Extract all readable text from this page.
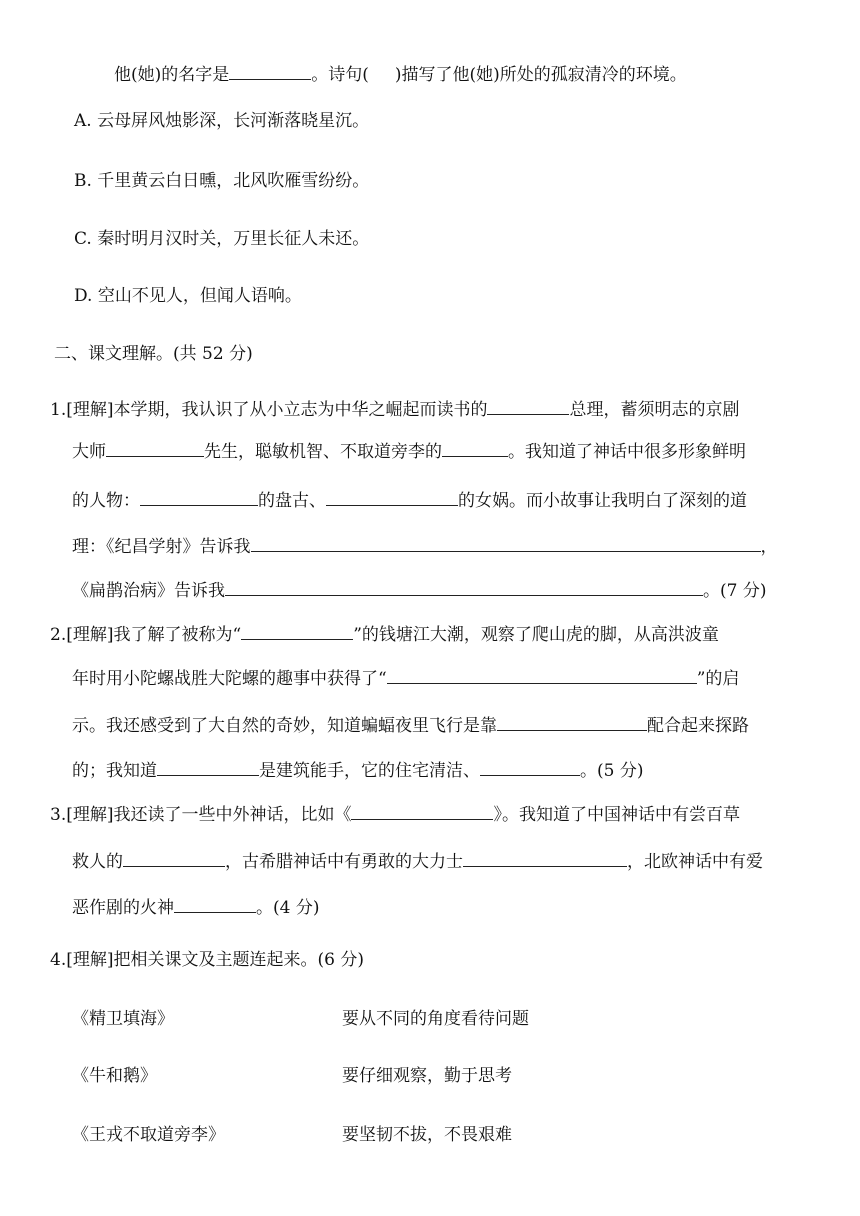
他(她)的名字是	。诗句( )描写了他(她)所处的孤寂清冷的环境。
A. 云母屏风烛影深，长河渐落晓星沉。
B. 千里黄云白日曛，北风吹雁雪纷纷。
C. 秦时明月汉时关，万里长征人未还。
D. 空山不见人，但闻人语响。
二、课文理解。(共 52 分)
1.[理解]本学期，我认识了从小立志为中华之崛起而读书的	总理，蓄须明志的京剧
大师	先生，聪敏机智、不取道旁李的	。我知道了神话中很多形象鲜明
的人物：	的盘古、	的女娲。而小故事让我明白了深刻的道
理：《纪昌学射》告诉我	，
《扁鹊治病》告诉我	。(7 分)
2.[理解]我了解了被称为“	”的钱塘江大潮，观察了爬山虎的脚，从高洪波童
年时用小陀螺战胜大陀螺的趣事中获得了“	”的启
示。我还感受到了大自然的奇妙，知道蝙蝠夜里飞行是靠	配合起来探路
的；我知道	是建筑能手，它的住宅清洁、	。(5 分)
3.[理解]我还读了一些中外神话，比如《	》。我知道了中国神话中有尝百草
救人的	，古希腊神话中有勇敢的大力士	，北欧神话中有爱
恶作剧的火神	。(4 分)
4.[理解]把相关课文及主题连起来。(6 分)
《精卫填海》	要从不同的角度看待问题
《牛和鹅》	要仔细观察，勤于思考
《王戎不取道旁李》	要坚韧不拔，不畏艰难
